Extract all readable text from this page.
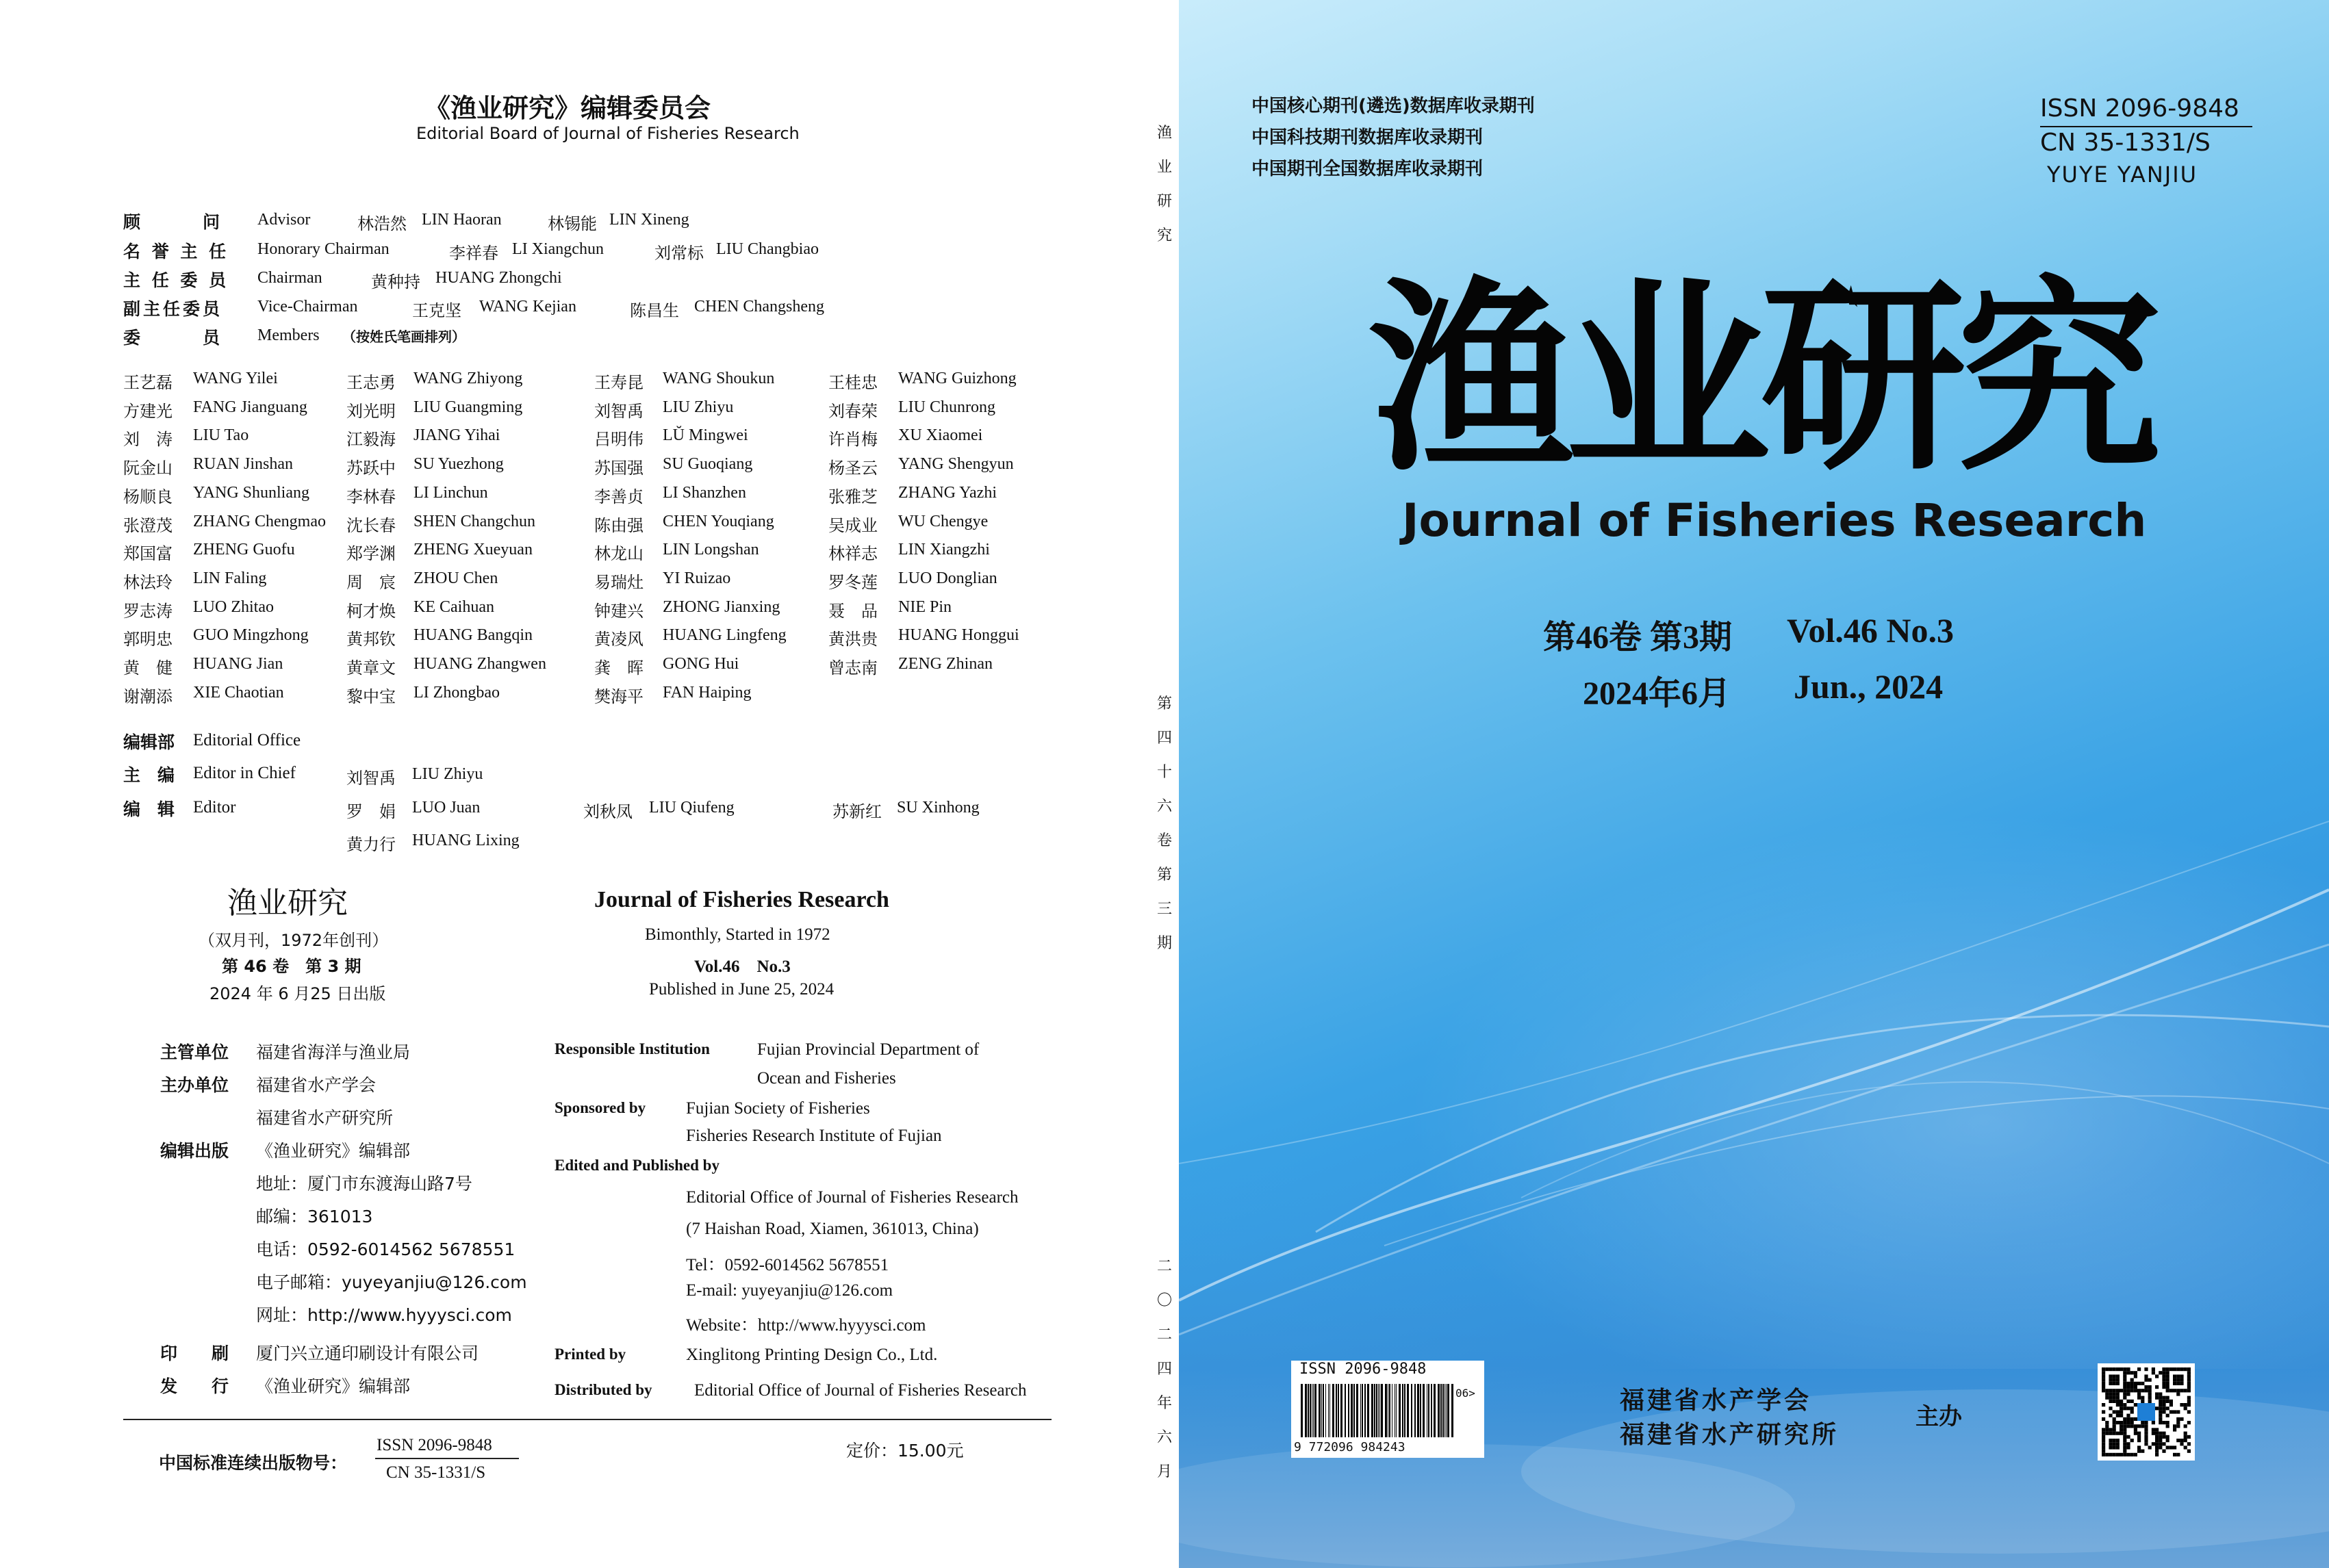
《渔业研究》编辑委员会
Editorial Board of Journal of Fisheries Research
顾　　　问 Advisor	林浩然 LIN Haoran	林锡能 LIN Xineng
名 誉 主 任 Honorary Chairman	李祥春 LI Xiangchun	刘常标 LIU Changbiao
主 任 委 员 Chairman	黄种持 HUANG Zhongchi
副主任委员 Vice-Chairman	王克坚 WANG Kejian	陈昌生 CHEN Changsheng
委　　　员 Members （按姓氏笔画排列）
王艺磊 WANG Yilei	王志勇 WANG Zhiyong	王寿昆 WANG Shoukun	王桂忠 WANG Guizhong
方建光 FANG Jianguang 刘光明 LIU Guangming	刘智禹 LIU Zhiyu	刘春荣 LIU Chunrong
刘　涛 LIU Tao	江毅海 JIANG Yihai	吕明伟 LŬ Mingwei	许肖梅 XU Xiaomei
阮金山 RUAN Jinshan	苏跃中 SU Yuezhong	苏国强 SU Guoqiang	杨圣云 YANG Shengyun
杨顺良 YANG Shunliang 李林春 LI Linchun	李善贞 LI Shanzhen	张雅芝 ZHANG Yazhi
张澄茂 ZHANG Chengmao 沈长春 SHEN Changchun	陈由强 CHEN Youqiang	吴成业 WU Chengye
郑国富 ZHENG Guofu	郑学渊 ZHENG Xueyuan	林龙山 LIN Longshan	林祥志 LIN Xiangzhi
林法玲 LIN Faling	周　宸 ZHOU Chen	易瑞灶 YI Ruizao	罗冬莲 LUO Donglian
罗志涛 LUO Zhitao	柯才焕 KE Caihuan	钟建兴 ZHONG Jianxing	聂　品 NIE Pin
郭明忠 GUO Mingzhong 黄邦钦 HUANG Bangqin	黄凌风 HUANG Lingfeng	黄洪贵 HUANG Honggui
黄　健 HUANG Jian	黄章文 HUANG Zhangwen	龚　晖 GONG Hui	曾志南 ZENG Zhinan
谢潮添 XIE Chaotian	黎中宝 LI Zhongbao	樊海平 FAN Haiping
编辑部 Editorial Office
主　编 Editor in Chief	刘智禹 LIU Zhiyu
编　辑 Editor	罗　娟 LUO Juan	刘秋凤 LIU Qiufeng	苏新红 SU Xinhong
黄力行 HUANG Lixing
渔业研究
（双月刊，1972年创刊）
第 46 卷　第 3 期
2024 年 6 月25 日出版
Journal of Fisheries Research
Bimonthly, Started in 1972
Vol.46　No.3
Published in June 25, 2024
主管单位 福建省海洋与渔业局
主办单位 福建省水产学会
福建省水产研究所
编辑出版 《渔业研究》编辑部
地址：厦门市东渡海山路7号
邮编：361013
电话：0592-6014562 5678551
电子邮箱：yuyeyanjiu@126.com
网址：http://www.hyyysci.com
印　　刷 厦门兴立通印刷设计有限公司
发　　行 《渔业研究》编辑部
Responsible Institution	Fujian Provincial Department of
Ocean and Fisheries
Sponsored by Fujian Society of Fisheries
Fisheries Research Institute of Fujian
Edited and Published by
Editorial Office of Journal of Fisheries Research
(7 Haishan Road, Xiamen, 361013, China)
Tel：0592-6014562 5678551
E-mail: yuyeyanjiu@126.com
Website：http://www.hyyysci.com
Printed by	Xinglitong Printing Design Co., Ltd.
Distributed by Editorial Office of Journal of Fisheries Research
中国标准连续出版物号：
ISSN 2096-9848
CN 35-1331/S
定价：15.00元
渔
业
研
究
第
四
十
六
卷
第
三
期
二
〇
二
四
年
六
月
中国核心期刊(遴选)数据库收录期刊
中国科技期刊数据库收录期刊
中国期刊全国数据库收录期刊
ISSN 2096-9848
CN 35-1331/S
YUYE YANJIU
渔业研究
Journal of Fisheries Research
第46卷 第3期 Vol.46 No.3
2024年6月 Jun., 2024
ISSN 2096-9848
9 772096 984243
06>	福建省水产学会
福建省水产研究所
主办
